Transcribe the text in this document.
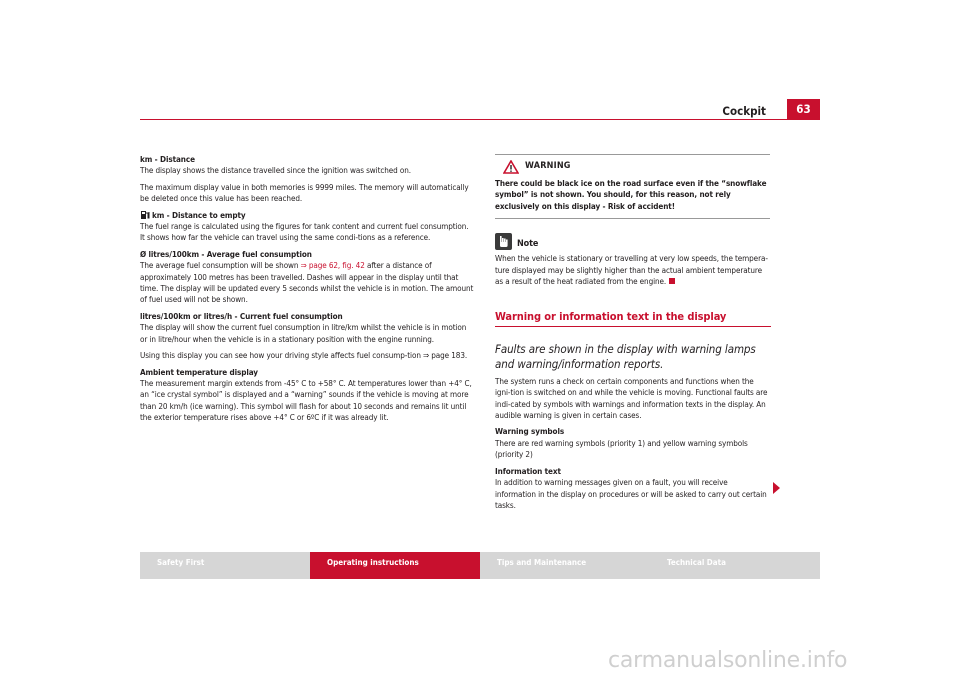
Cockpit	63

km - Distance

The display shows the distance travelled since the ignition was switched on.

The maximum display value in both memories is 9999 miles. The memory will automatically be deleted once this value has been reached.

km - Distance to empty

The fuel range is calculated using the figures for tank content and current fuel consumption. It shows how far the vehicle can travel using the same condi-tions as a reference.

Ø litres/100km - Average fuel consumption

The average fuel consumption will be shown ⇒ page 62, fig. 42 after a distance of approximately 100 metres has been travelled. Dashes will appear in the display until that time. The display will be updated every 5 seconds whilst the vehicle is in motion. The amount of fuel used will not be shown.

litres/100km or litres/h - Current fuel consumption

The display will show the current fuel consumption in litre/km whilst the vehicle is in motion or in litre/hour when the vehicle is in a stationary position with the engine running.

Using this display you can see how your driving style affects fuel consump-tion ⇒ page 183.

Ambient temperature display

The measurement margin extends from -45° C to +58° C. At temperatures lower than +4° C, an “ice crystal symbol” is displayed and a “warning” sounds if the vehicle is moving at more than 20 km/h (ice warning). This symbol will flash for about 10 seconds and remains lit until the exterior temperature rises above +4° C or 6ºC if it was already lit.

WARNING
There could be black ice on the road surface even if the “snowflake symbol” is not shown. You should, for this reason, not rely exclusively on this display - Risk of accident!
Note

When the vehicle is stationary or travelling at very low speeds, the tempera-ture displayed may be slightly higher than the actual ambient temperature as a result of the heat radiated from the engine.

Warning or information text in the display
Faults are shown in the display with warning lamps and warning/information reports.

The system runs a check on certain components and functions when the igni-tion is switched on and while the vehicle is moving. Functional faults are indi-cated by symbols with warnings and information texts in the display. An audible warning is given in certain cases.

Warning symbols

There are red warning symbols (priority 1) and yellow warning symbols (priority 2)

Information text

In addition to warning messages given on a fault, you will receive information in the display on procedures or will be asked to carry out certain tasks.

Safety First	Operating instructions	Tips and Maintenance	Technical Data
carmanualsonline.info
